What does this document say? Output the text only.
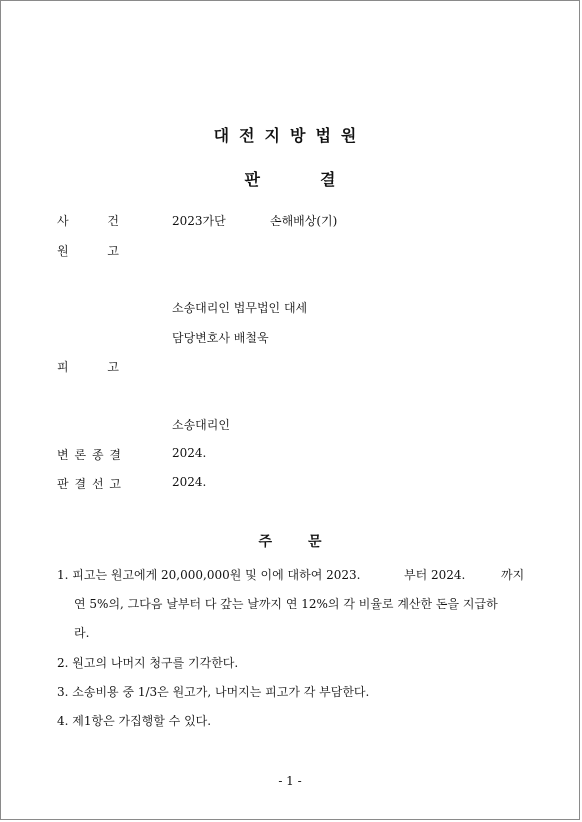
대전지방법원
판	결
사	건	2023가단	손해배상(기)
원	고
소송대리인 법무법인 대세
담당변호사 배철욱
피	고
소송대리인
변 론 종 결	2024.
판 결 선 고	2024.
주	문
1. 피고는 원고에게 20,000,000원 및 이에 대하여 2023.	부터 2024.	까지
연 5%의, 그다음 날부터 다 갚는 날까지 연 12%의 각 비율로 계산한 돈을 지급하
라.
2. 원고의 나머지 청구를 기각한다.
3. 소송비용 중 1/3은 원고가, 나머지는 피고가 각 부담한다.
4. 제1항은 가집행할 수 있다.
- 1 -
